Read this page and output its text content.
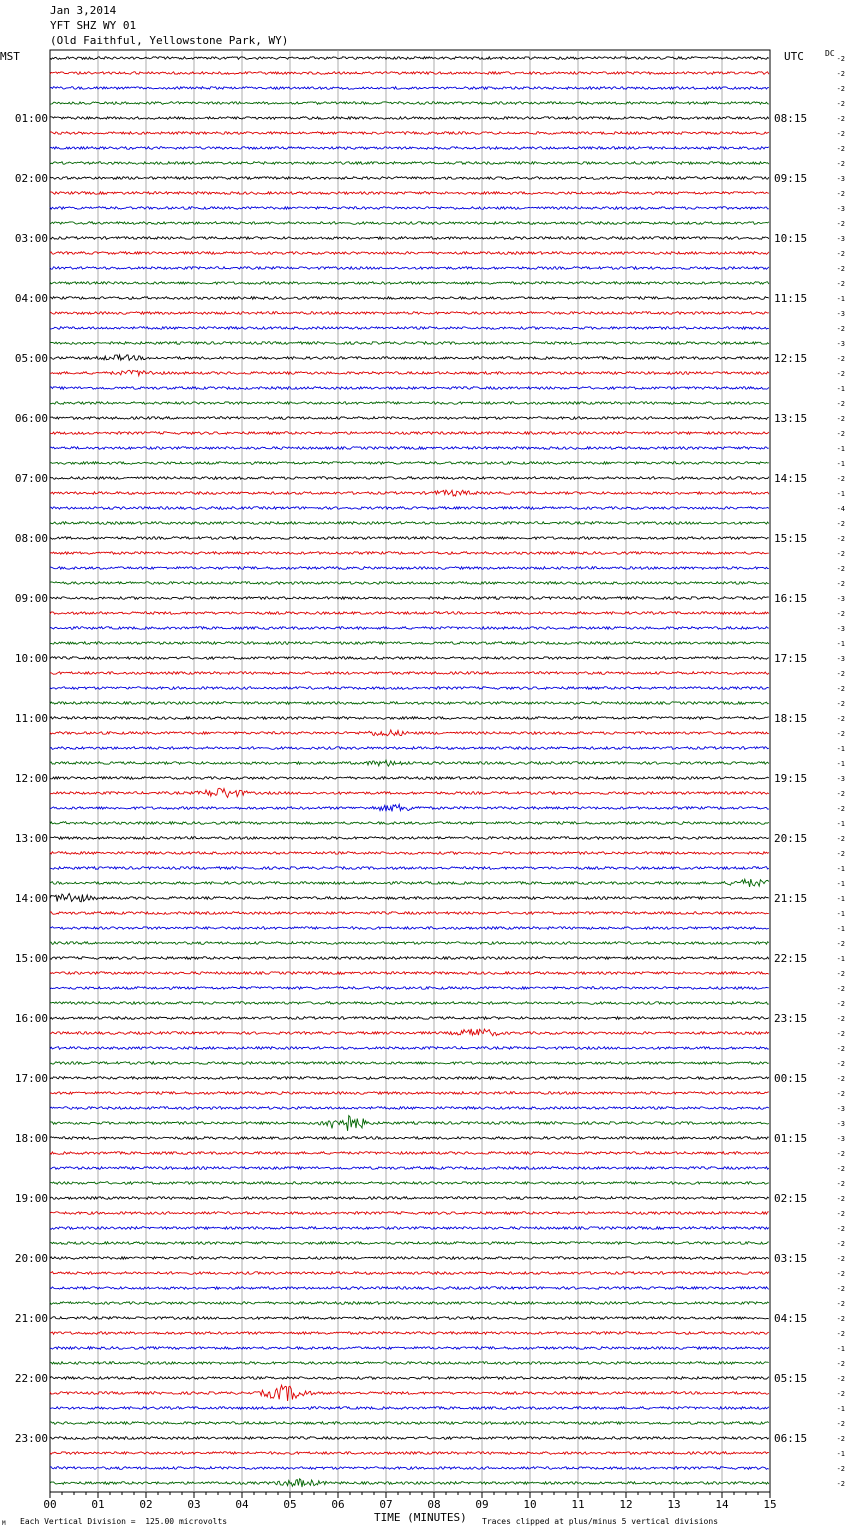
Jan 3,2014
YFT SHZ WY 01
(Old Faithful, Yellowstone Park, WY)
MST	UTC	DC
00	01	02	03	04	05	06	07	08	09	10	11	12	13	14	15
-2
-2
-2
-2
-2
-2
-2
-2
-3
-2
-3
-2
-3
-2
-2
-2
-1
-3
-2
-3
-2
-2
-1
-2
-2
-2
-1
-1
-2
-1
-4
-2
-2
-2
-2
-2
-3
-2
-3
-1
-3
-2
-2
-2
-2
-2
-1
-1
-3
-2
-2
-1
-2
-2
-1
-1
-1
-1
-1
-2
-1
-2
-2
-2
-2
-2
-2
-2
-2
-2
-3
-3
-3
-2
-2
-2
-2
-2
-2
-2
-2
-2
-2
-2
-2
-2
-1
-2
-2
-2
-1
-2
-2
-1
-2
-2
01:00
02:00
03:00
04:00
05:00
06:00
07:00
08:00
09:00
10:00
11:00
12:00
13:00
14:00
15:00
16:00
17:00
18:00
19:00
20:00
21:00
22:00
23:00
08:15
09:15
10:15
11:15
12:15
13:15
14:15
15:15
16:15
17:15
18:15
19:15
20:15
21:15
22:15
23:15
00:15
01:15
02:15
03:15
04:15
05:15
06:15
TIME (MINUTES)
Each Vertical Division =  125.00 microvolts	Traces clipped at plus/minus 5 vertical divisions
M
